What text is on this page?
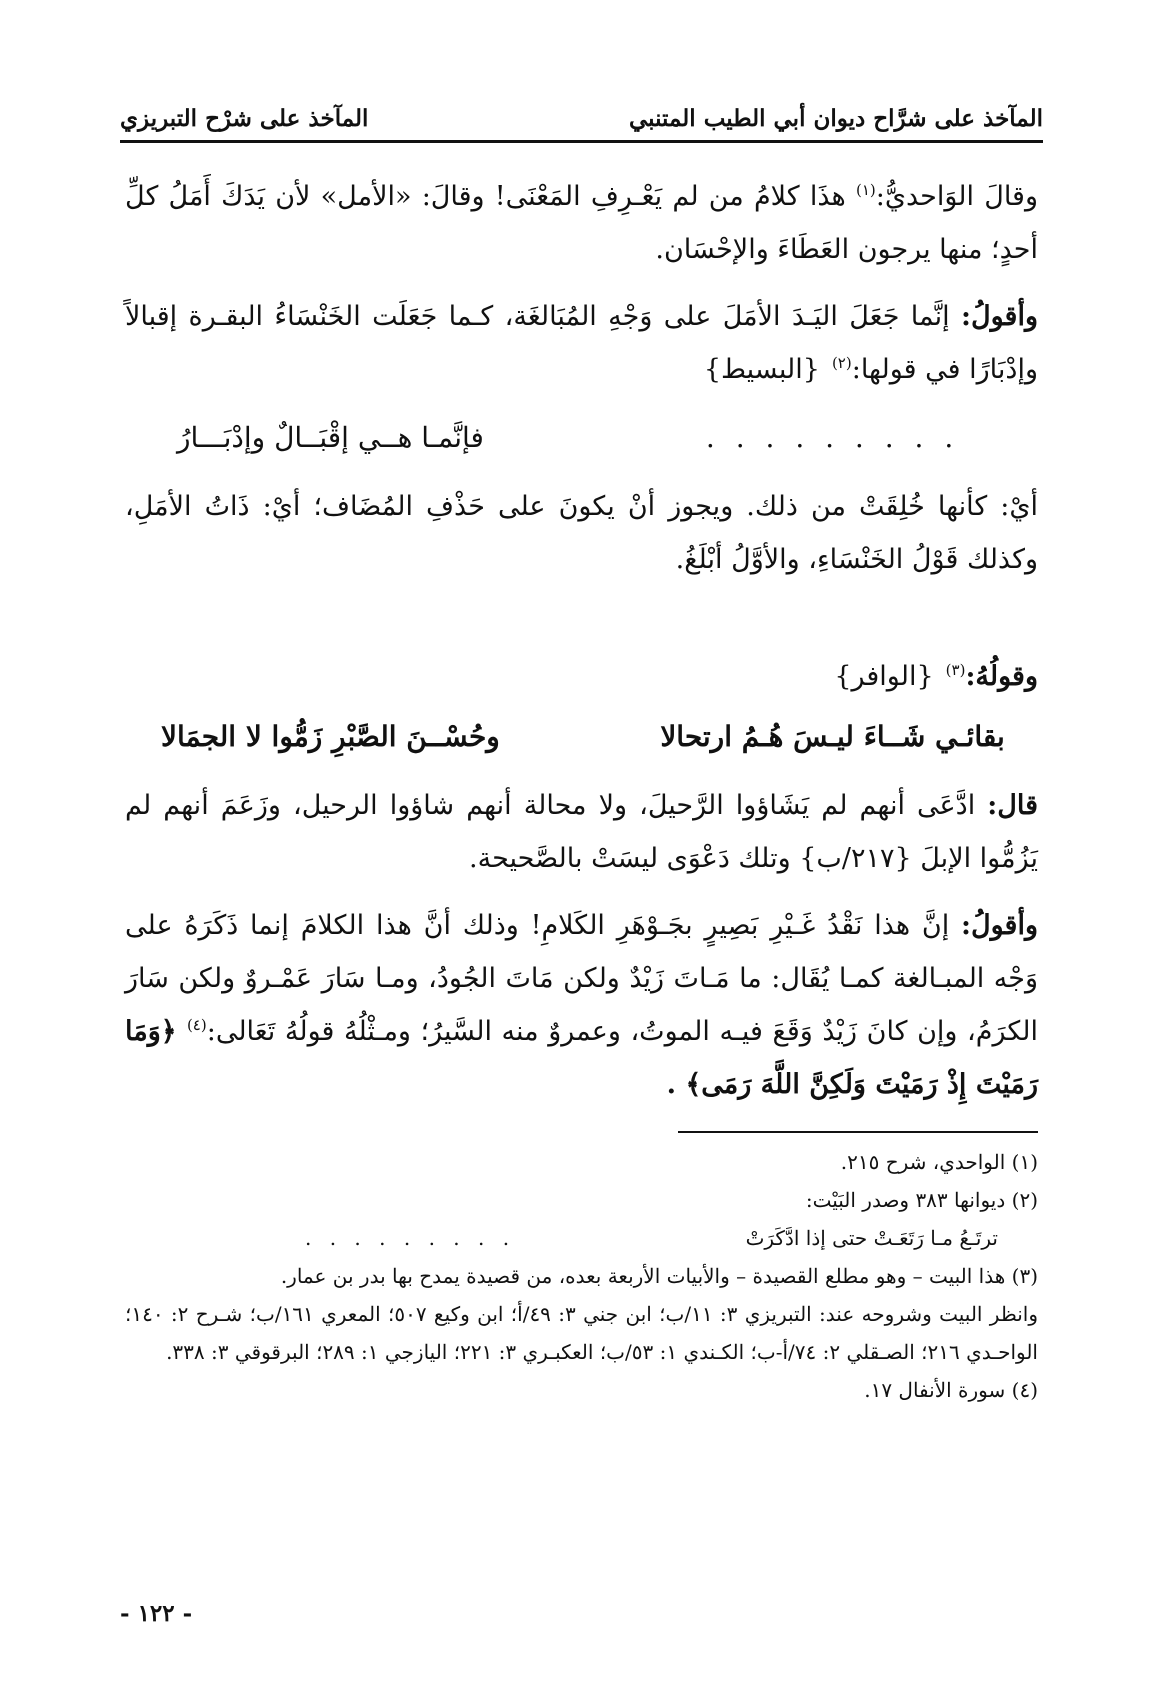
المآخذ على شرَّاح ديوان أبي الطيب المتنبي
المآخذ على شرْح التبريزي

وقالَ الوَاحديُّ:$^{(١)}$ هذَا كلامُ من لم يَعْـرِفِ المَعْنَى! وقالَ: «الأمل» لأن يَدَكَ أَمَلُ كلِّ أحدٍ؛ منها يرجون العَطَاءَ والإحْسَان.

وأقولُ: إنَّما جَعَلَ اليَـدَ الأمَلَ على وَجْهِ المُبَالغَة، كـما جَعَلَت الخَنْسَاءُ البقـرة إقبالاً وإدْبَارًا في قولها:$^{(٢)}${البسيط}

. . . . . . . . .
فإنَّمـا هــي إقْبَــالٌ وإدْبَـــارُ

أيْ: كأنها خُلِقَتْ من ذلك. ويجوز أنْ يكونَ على حَذْفِ المُضَاف؛ أيْ: ذَاتُ الأمَلِ، وكذلك قَوْلُ الخَنْسَاءِ، والأوَّلُ أبْلَغُ.

وقولُهُ:$^{(٣)}${الوافر}

بقائـي شَــاءَ ليـسَ هُـمُ ارتحالا
وحُسْــنَ الصَّبْرِ زَمُّوا لا الجمَالا

قال: ادَّعَى أنهم لم يَشَاؤوا الرَّحيلَ، ولا محالة أنهم شاؤوا الرحيل، وزَعَمَ أنهم لم يَزُمُّوا الإبلَ {٢١٧/ب} وتلك دَعْوَى ليسَتْ بالصَّحيحة.

وأقولُ: إنَّ هذا نَقْدُ غَـيْرِ بَصِيرٍ بجَـوْهَرِ الكَلامِ! وذلك أنَّ هذا الكلامَ إنما ذَكَرَهُ على وَجْه المبـالغة كمـا يُقَال: ما مَـاتَ زَيْدٌ ولكن مَاتَ الجُودُ، ومـا سَارَ عَمْـروٌ ولكن سَارَ الكرَمُ، وإن كانَ زَيْدٌ وَقَعَ فيـه الموتُ، وعمروٌ منه السَّيرُ؛ ومـثْلُهُ قولُهُ تَعَالى:$^{(٤)}$ ﴿وَمَا رَمَيْتَ إِذْ رَمَيْتَ وَلَكِنَّ اللَّهَ رَمَى﴾ .

(١) الواحدي، شرح ٢١٥.

(٢) ديوانها ٣٨٣ وصدر البَيْت:

ترتَـعُ مـا رَتَعَـتْ حتى إذا ادَّكَرَتْ
. . . . . . . . .

(٣) هذا البيت – وهو مطلع القصيدة – والأبيات الأربعة بعده، من قصيدة يمدح بها بدر بن عمار.

وانظر البيت وشروحه عند: التبريزي ٣: ١١/ب؛ ابن جني ٣: ٤٩/أ؛ ابن وكيع ٥٠٧؛ المعري ١٦١/ب؛ شـرح ٢: ١٤٠؛ الواحـدي ٢١٦؛ الصـقلي ٢: ٧٤/أ-ب؛ الكـندي ١: ٥٣/ب؛ العكبـري ٣: ٢٢١؛ اليازجي ١: ٢٨٩؛ البرقوقي ٣: ٣٣٨.

(٤) سورة الأنفال ١٧.

- ١٢٢ -
